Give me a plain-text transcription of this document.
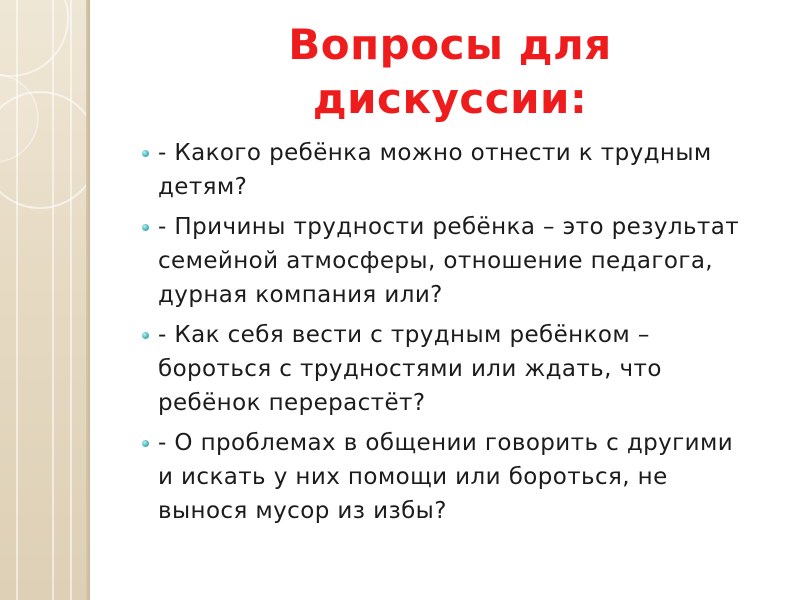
Вопросы для
дискуссии:
- Какого ребёнка можно отнести к трудным детям?
- Причины трудности ребёнка – это результат семейной атмосферы, отношение педагога, дурная компания или?
- Как себя вести с трудным ребёнком – бороться с трудностями или ждать, что ребёнок перерастёт?
- О проблемах в общении говорить с другими и искать у них помощи или бороться, не вынося мусор из избы?
